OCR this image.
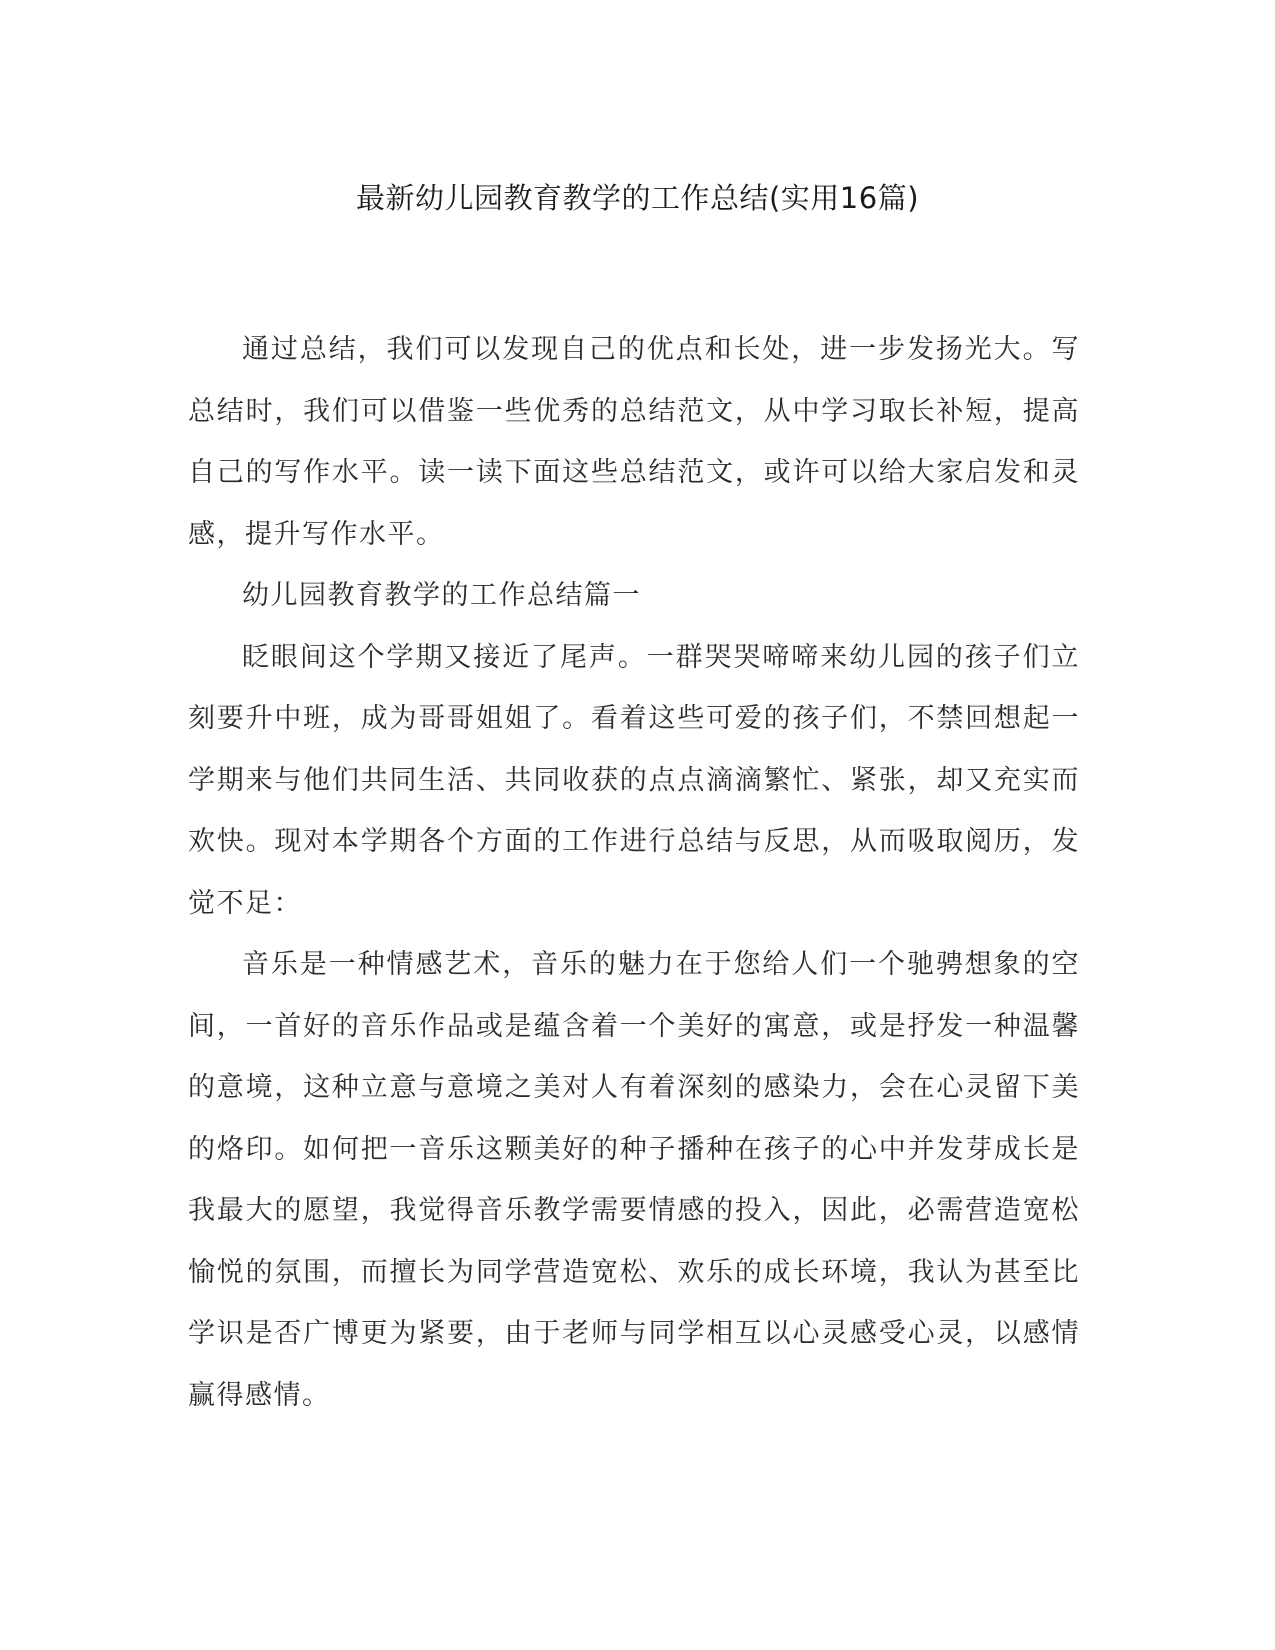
最新幼儿园教育教学的工作总结(实用16篇)

通过总结，我们可以发现自己的优点和长处，进一步发扬光大。写总结时，我们可以借鉴一些优秀的总结范文，从中学习取长补短，提高自己的写作水平。读一读下面这些总结范文，或许可以给大家启发和灵感，提升写作水平。

幼儿园教育教学的工作总结篇一

眨眼间这个学期又接近了尾声。一群哭哭啼啼来幼儿园的孩子们立刻要升中班，成为哥哥姐姐了。看着这些可爱的孩子们，不禁回想起一学期来与他们共同生活、共同收获的点点滴滴繁忙、紧张，却又充实而欢快。现对本学期各个方面的工作进行总结与反思，从而吸取阅历，发觉不足：

音乐是一种情感艺术，音乐的魅力在于您给人们一个驰骋想象的空间，一首好的音乐作品或是蕴含着一个美好的寓意，或是抒发一种温馨的意境，这种立意与意境之美对人有着深刻的感染力，会在心灵留下美的烙印。如何把一音乐这颗美好的种子播种在孩子的心中并发芽成长是我最大的愿望，我觉得音乐教学需要情感的投入，因此，必需营造宽松愉悦的氛围，而擅长为同学营造宽松、欢乐的成长环境，我认为甚至比学识是否广博更为紧要，由于老师与同学相互以心灵感受心灵，以感情赢得感情。
